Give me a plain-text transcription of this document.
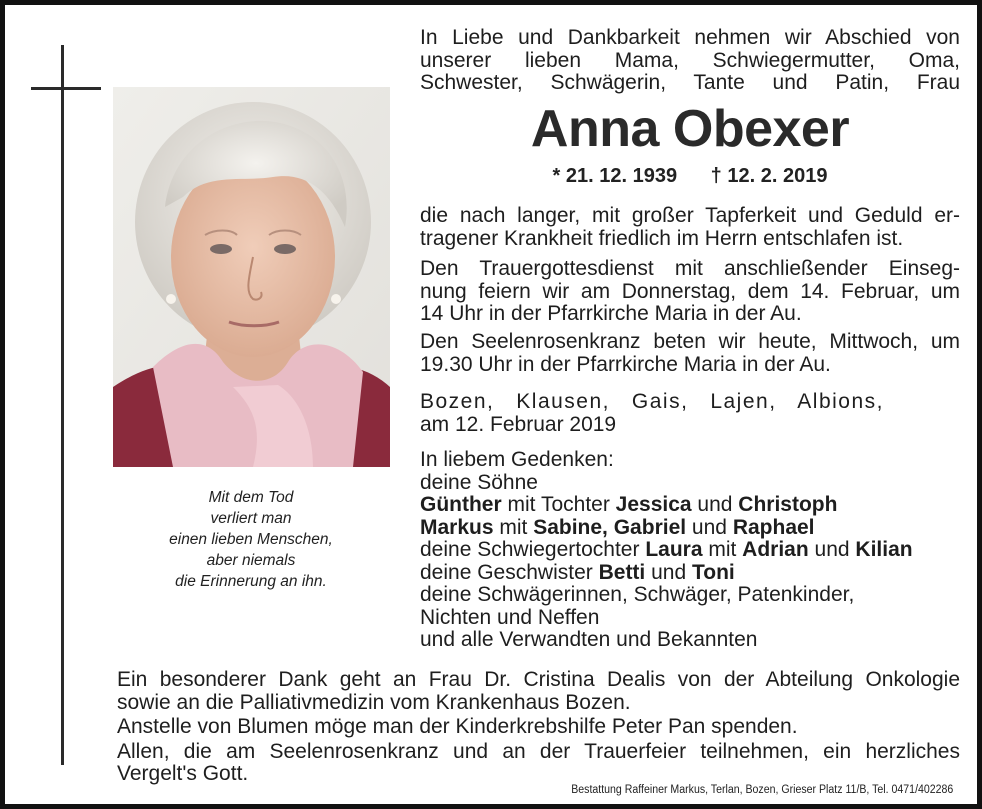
Mit dem Tod
verliert man
einen lieben Menschen,
aber niemals
die Erinnerung an ihn.
In Liebe und Dankbarkeit nehmen wir Abschied von
unserer lieben Mama, Schwiegermutter, Oma,
Schwester, Schwägerin, Tante und Patin, Frau
Anna Obexer
* 21. 12. 1939 † 12. 2. 2019
die nach langer, mit großer Tapferkeit und Geduld er-
tragener Krankheit friedlich im Herrn entschlafen ist.
Den Trauergottesdienst mit anschließender Einseg-
nung feiern wir am Donnerstag, dem 14. Februar, um
14 Uhr in der Pfarrkirche Maria in der Au.
Den Seelenrosenkranz beten wir heute, Mittwoch, um
19.30 Uhr in der Pfarrkirche Maria in der Au.
Bozen, Klausen, Gais, Lajen, Albions,
am 12. Februar 2019
In liebem Gedenken:
deine Söhne
Günther mit Tochter Jessica und Christoph
Markus mit Sabine, Gabriel und Raphael
deine Schwiegertochter Laura mit Adrian und Kilian
deine Geschwister Betti und Toni
deine Schwägerinnen, Schwäger, Patenkinder,
Nichten und Neffen
und alle Verwandten und Bekannten
Ein besonderer Dank geht an Frau Dr. Cristina Dealis von der Abteilung Onkologie
sowie an die Palliativmedizin vom Krankenhaus Bozen.
Anstelle von Blumen möge man der Kinderkrebshilfe Peter Pan spenden.
Allen, die am Seelenrosenkranz und an der Trauerfeier teilnehmen, ein herzliches
Vergelt's Gott.
Bestattung Raffeiner Markus, Terlan, Bozen, Grieser Platz 11/B, Tel. 0471/402286
